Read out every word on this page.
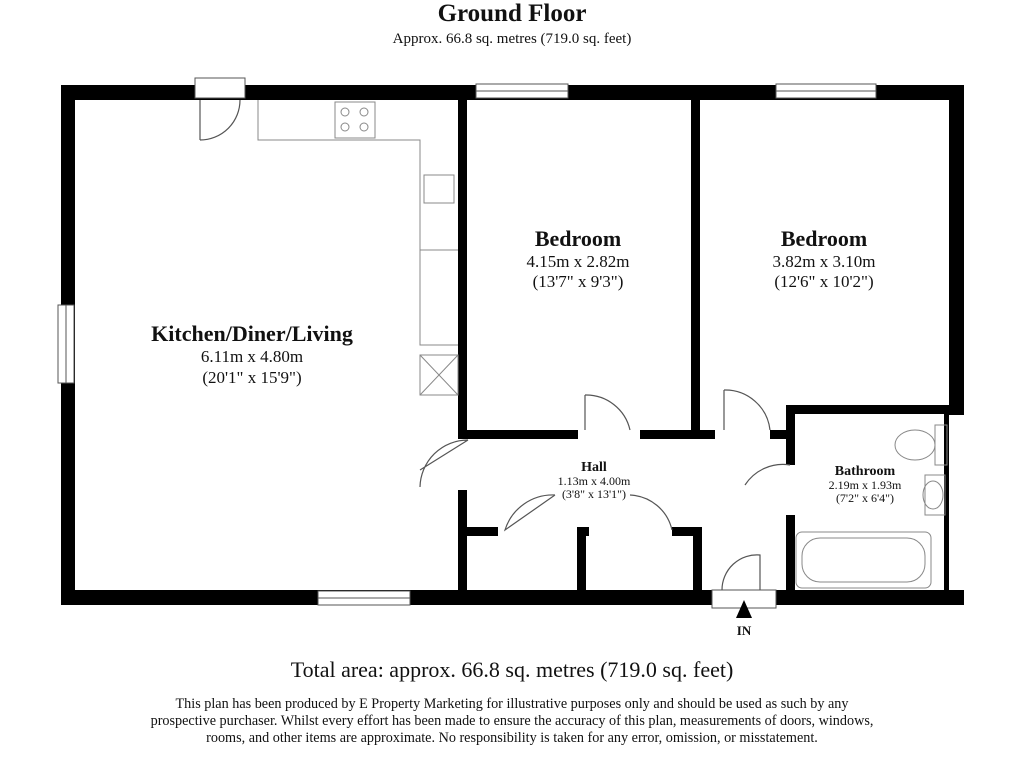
Ground Floor
Approx. 66.8 sq. metres (719.0 sq. feet)
Kitchen/Diner/Living
6.11m x 4.80m
(20'1" x 15'9")
Bedroom
4.15m x 2.82m
(13'7" x 9'3")
Bedroom
3.82m x 3.10m
(12'6" x 10'2")
Hall
1.13m x 4.00m
(3'8" x 13'1")
Bathroom
2.19m x 1.93m
(7'2" x 6'4")
IN
Total area: approx. 66.8 sq. metres (719.0 sq. feet)
This plan has been produced by E Property Marketing for illustrative purposes only and should be used as such by any prospective purchaser. Whilst every effort has been made to ensure the accuracy of this plan, measurements of doors, windows, rooms, and other items are approximate. No responsibility is taken for any error, omission, or misstatement.
